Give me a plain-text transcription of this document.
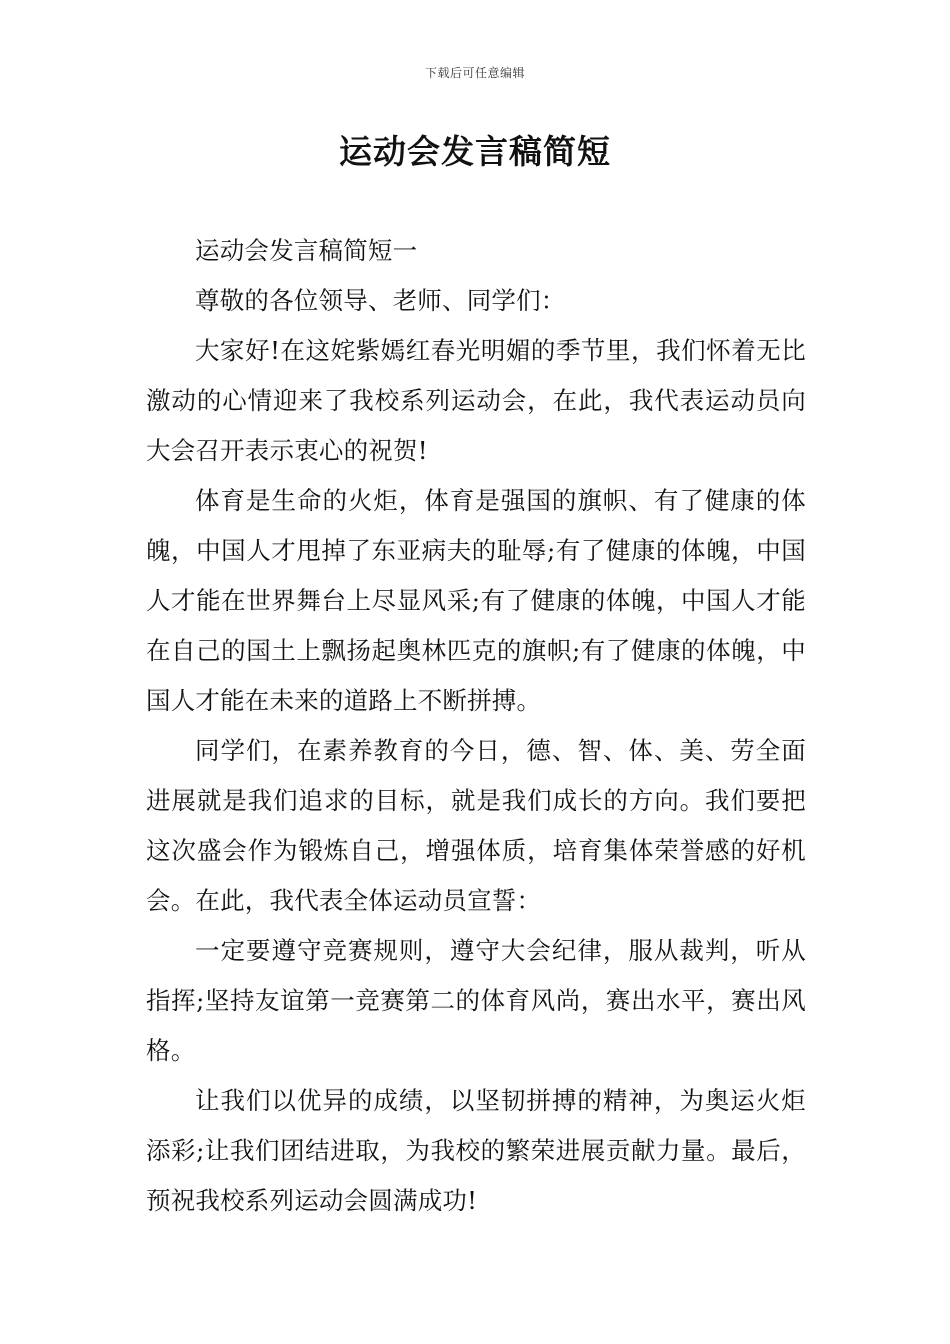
下载后可任意编辑
运动会发言稿简短

运动会发言稿简短一

尊敬的各位领导、老师、同学们：

大家好!在这姹紫嫣红春光明媚的季节里，我们怀着无比激动的心情迎来了我校系列运动会，在此，我代表运动员向大会召开表示衷心的祝贺!

体育是生命的火炬，体育是强国的旗帜、有了健康的体魄，中国人才甩掉了东亚病夫的耻辱;有了健康的体魄，中国人才能在世界舞台上尽显风采;有了健康的体魄，中国人才能在自己的国土上飘扬起奥林匹克的旗帜;有了健康的体魄，中国人才能在未来的道路上不断拼搏。

同学们，在素养教育的今日，德、智、体、美、劳全面进展就是我们追求的目标，就是我们成长的方向。我们要把这次盛会作为锻炼自己，增强体质，培育集体荣誉感的好机会。在此，我代表全体运动员宣誓：

一定要遵守竞赛规则，遵守大会纪律，服从裁判，听从指挥;坚持友谊第一竞赛第二的体育风尚，赛出水平，赛出风格。

让我们以优异的成绩，以坚韧拼搏的精神，为奥运火炬添彩;让我们团结进取，为我校的繁荣进展贡献力量。最后，预祝我校系列运动会圆满成功!
